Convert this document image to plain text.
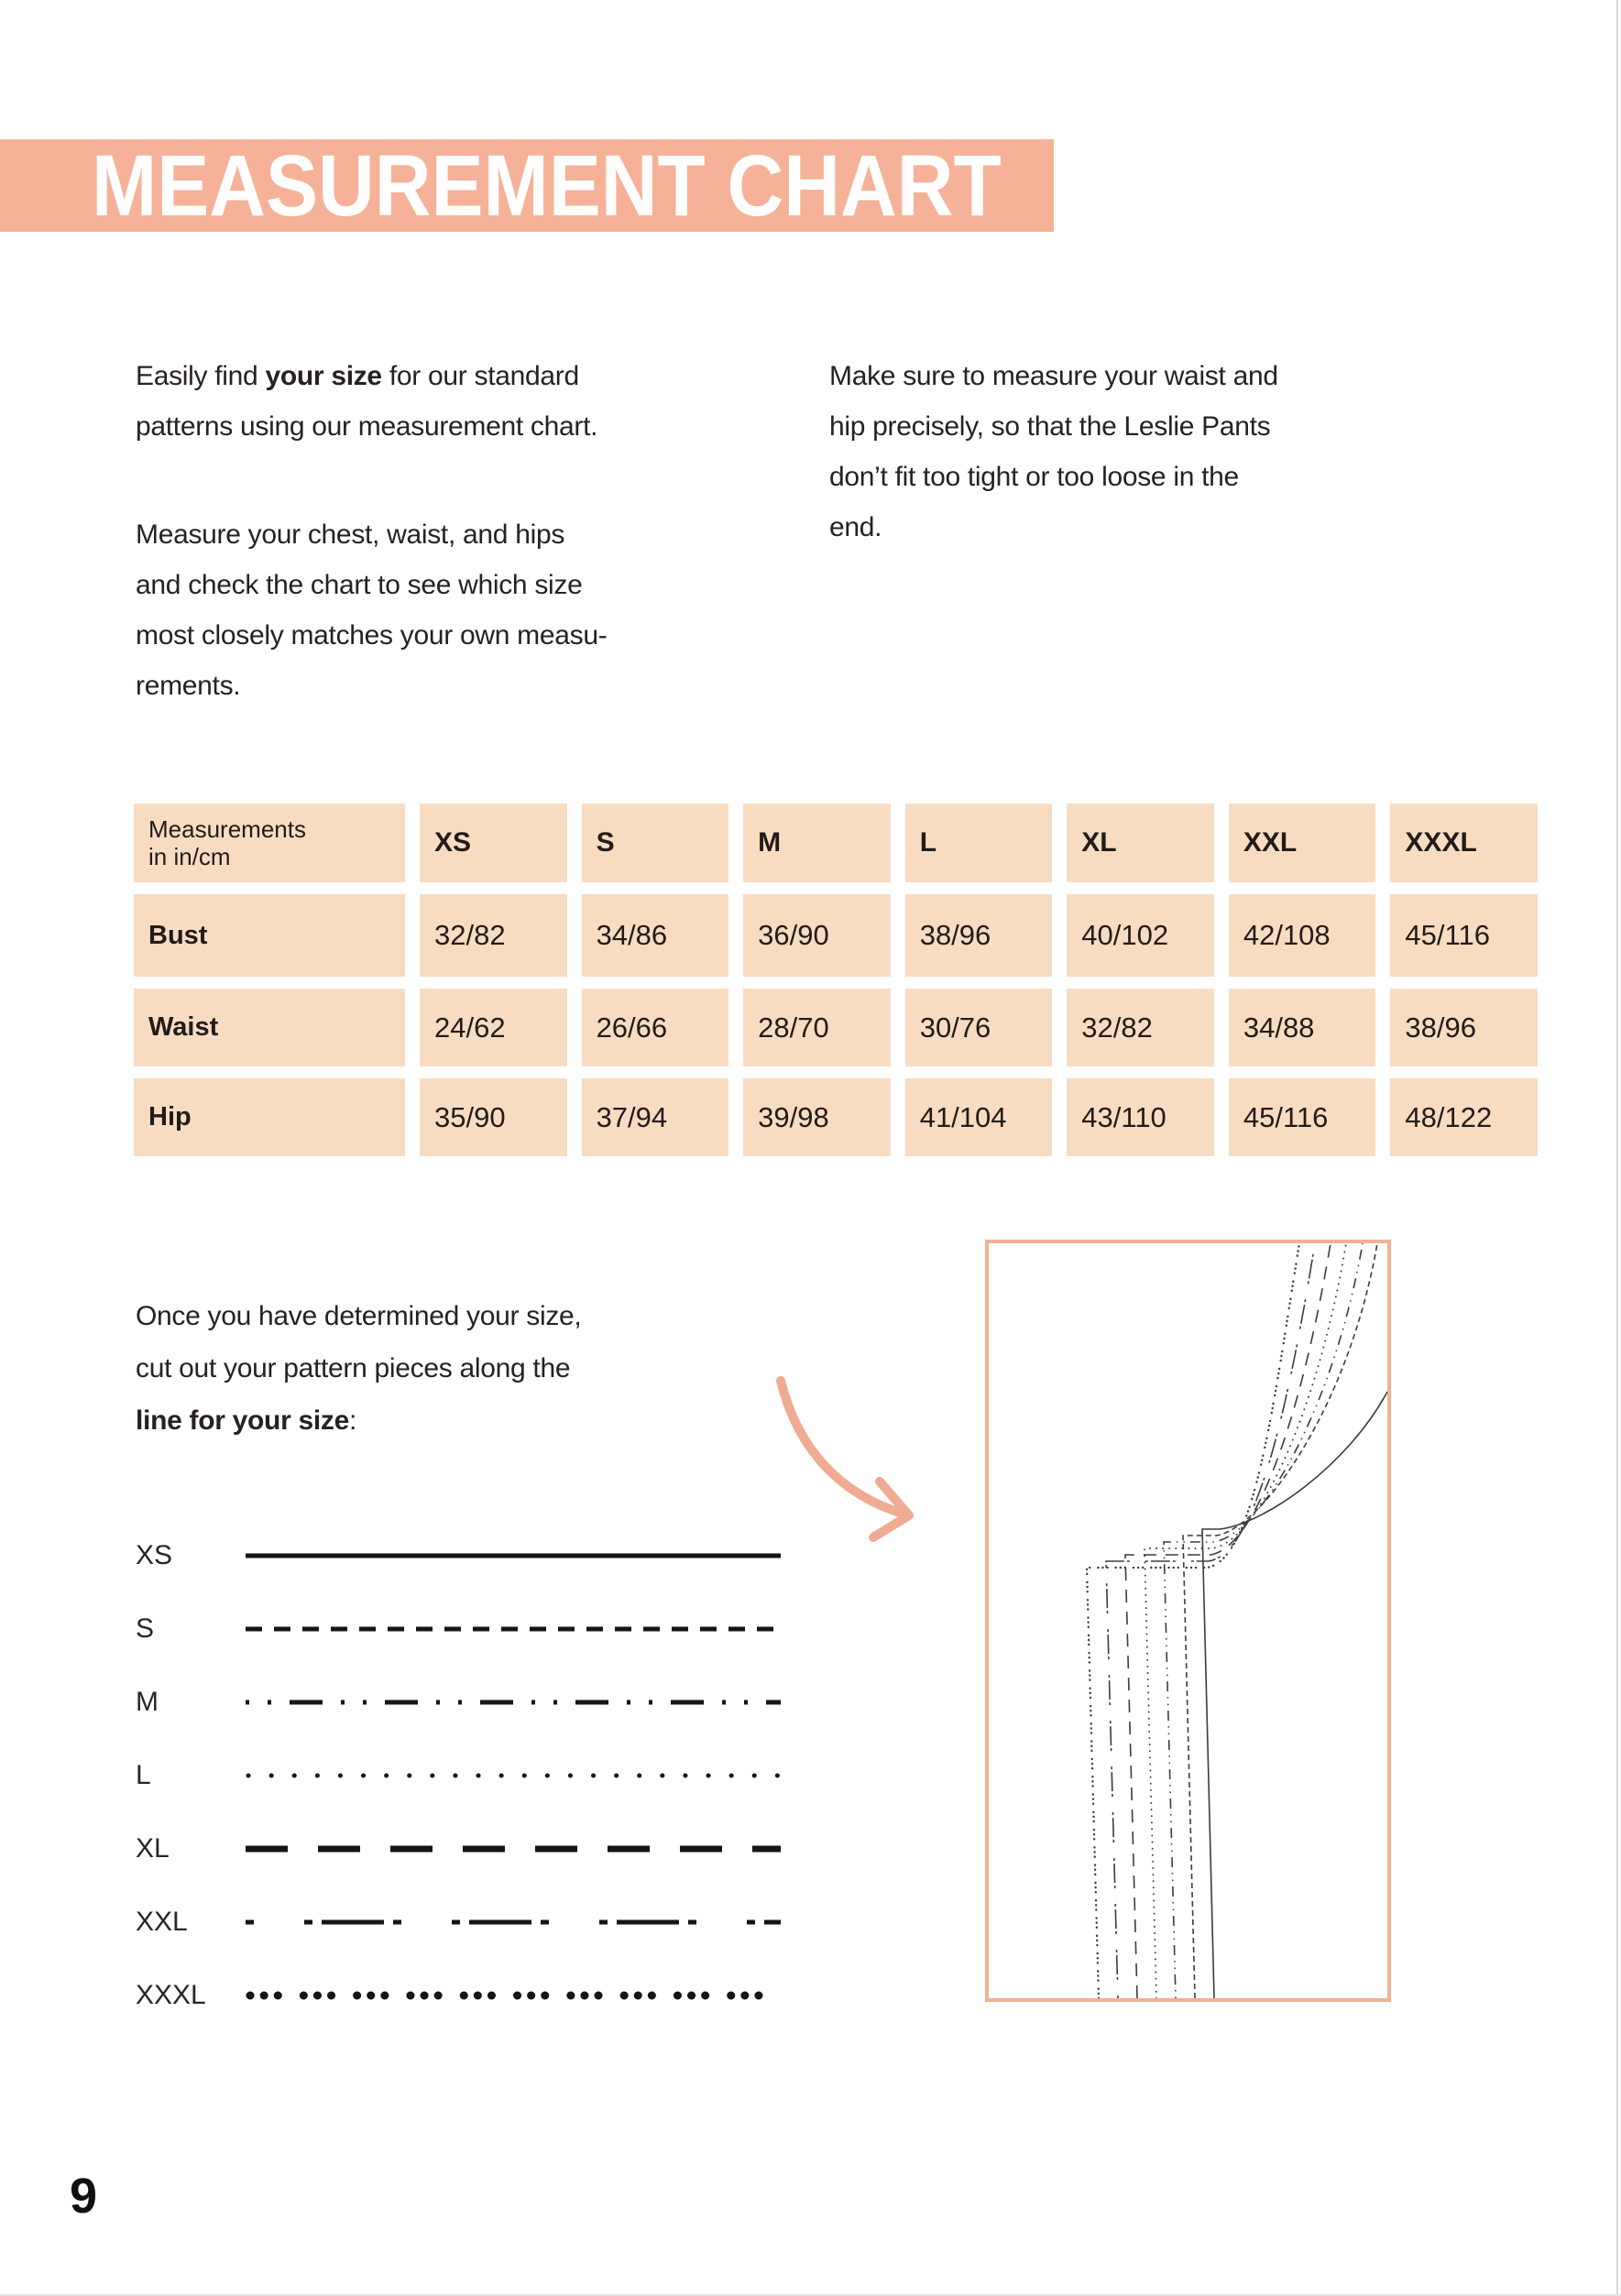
MEASUREMENT CHART
Easily find your size for our standard
patterns using our measurement chart.
Measure your chest, waist, and hips
and check the chart to see which size
most closely matches your own measu-
rements.
Make sure to measure your waist and
hip precisely, so that the Leslie Pants
don’t fit too tight or too loose in the
end.
Measurements
in in/cm	XS	S	M	L	XL	XXL	XXXL
Bust	32/82	34/86	36/90	38/96	40/102	42/108	45/116
Waist	24/62	26/66	28/70	30/76	32/82	34/88	38/96
Hip	35/90	37/94	39/98	41/104	43/110	45/116	48/122
Once you have determined your size,
cut out your pattern pieces along the
line for your size:
XS
S
M
L
XL
XXL
XXXL
9
